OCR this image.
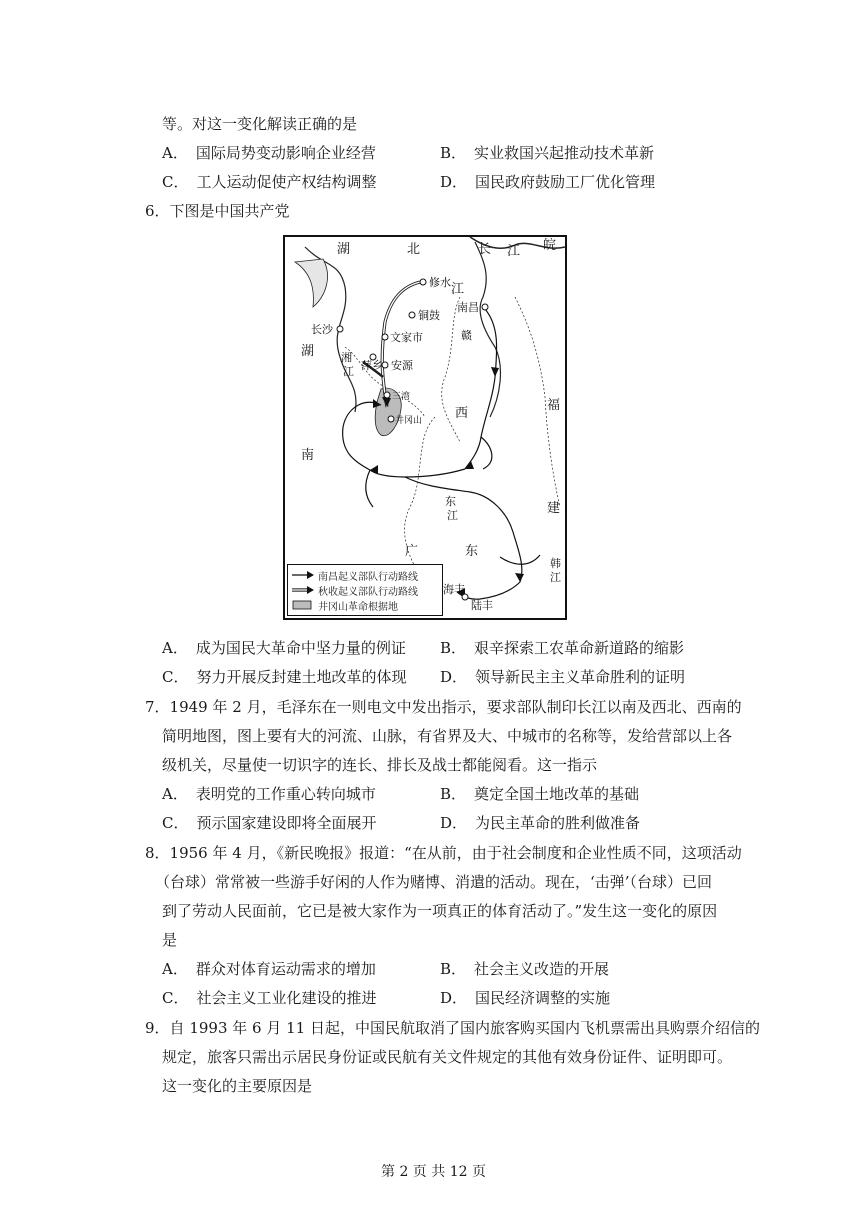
等。对这一变化解读正确的是
A． 国际局势变动影响企业经营	B． 实业救国兴起推动技术革新
C． 工人运动促使产权结构调整	D． 国民政府鼓励工厂优化管理
6．下图是中国共产党
湖	北	长 江 皖
湖
南
江
西
福
建
广	东
赣
湘
江
东
江
韩
江
修水
铜鼓
文家市
长沙
萍乡 安源
三湾
井冈山
南昌
海丰
陆丰
南昌起义部队行动路线
秋收起义部队行动路线
井冈山革命根据地
A． 成为国民大革命中坚力量的例证 B． 艰辛探索工农革命新道路的缩影
C． 努力开展反封建土地改革的体现 D． 领导新民主主义革命胜利的证明
7．1949 年 2 月，毛泽东在一则电文中发出指示，要求部队制印长江以南及西北、西南的
简明地图，图上要有大的河流、山脉，有省界及大、中城市的名称等，发给营部以上各
级机关，尽量使一切识字的连长、排长及战士都能阅看。这一指示
A． 表明党的工作重心转向城市	B． 奠定全国土地改革的基础
C． 预示国家建设即将全面展开	D． 为民主革命的胜利做准备
8．1956 年 4 月，《新民晚报》报道：“在从前，由于社会制度和企业性质不同，这项活动
（台球）常常被一些游手好闲的人作为赌博、消遣的活动。现在，‘击弹’（台球）已回
到了劳动人民面前，它已是被大家作为一项真正的体育活动了。”发生这一变化的原因
是
A． 群众对体育运动需求的增加	B． 社会主义改造的开展
C． 社会主义工业化建设的推进	D． 国民经济调整的实施
9．自 1993 年 6 月 11 日起，中国民航取消了国内旅客购买国内飞机票需出具购票介绍信的
规定，旅客只需出示居民身份证或民航有关文件规定的其他有效身份证件、证明即可。
这一变化的主要原因是
第 2 页 共 12 页
